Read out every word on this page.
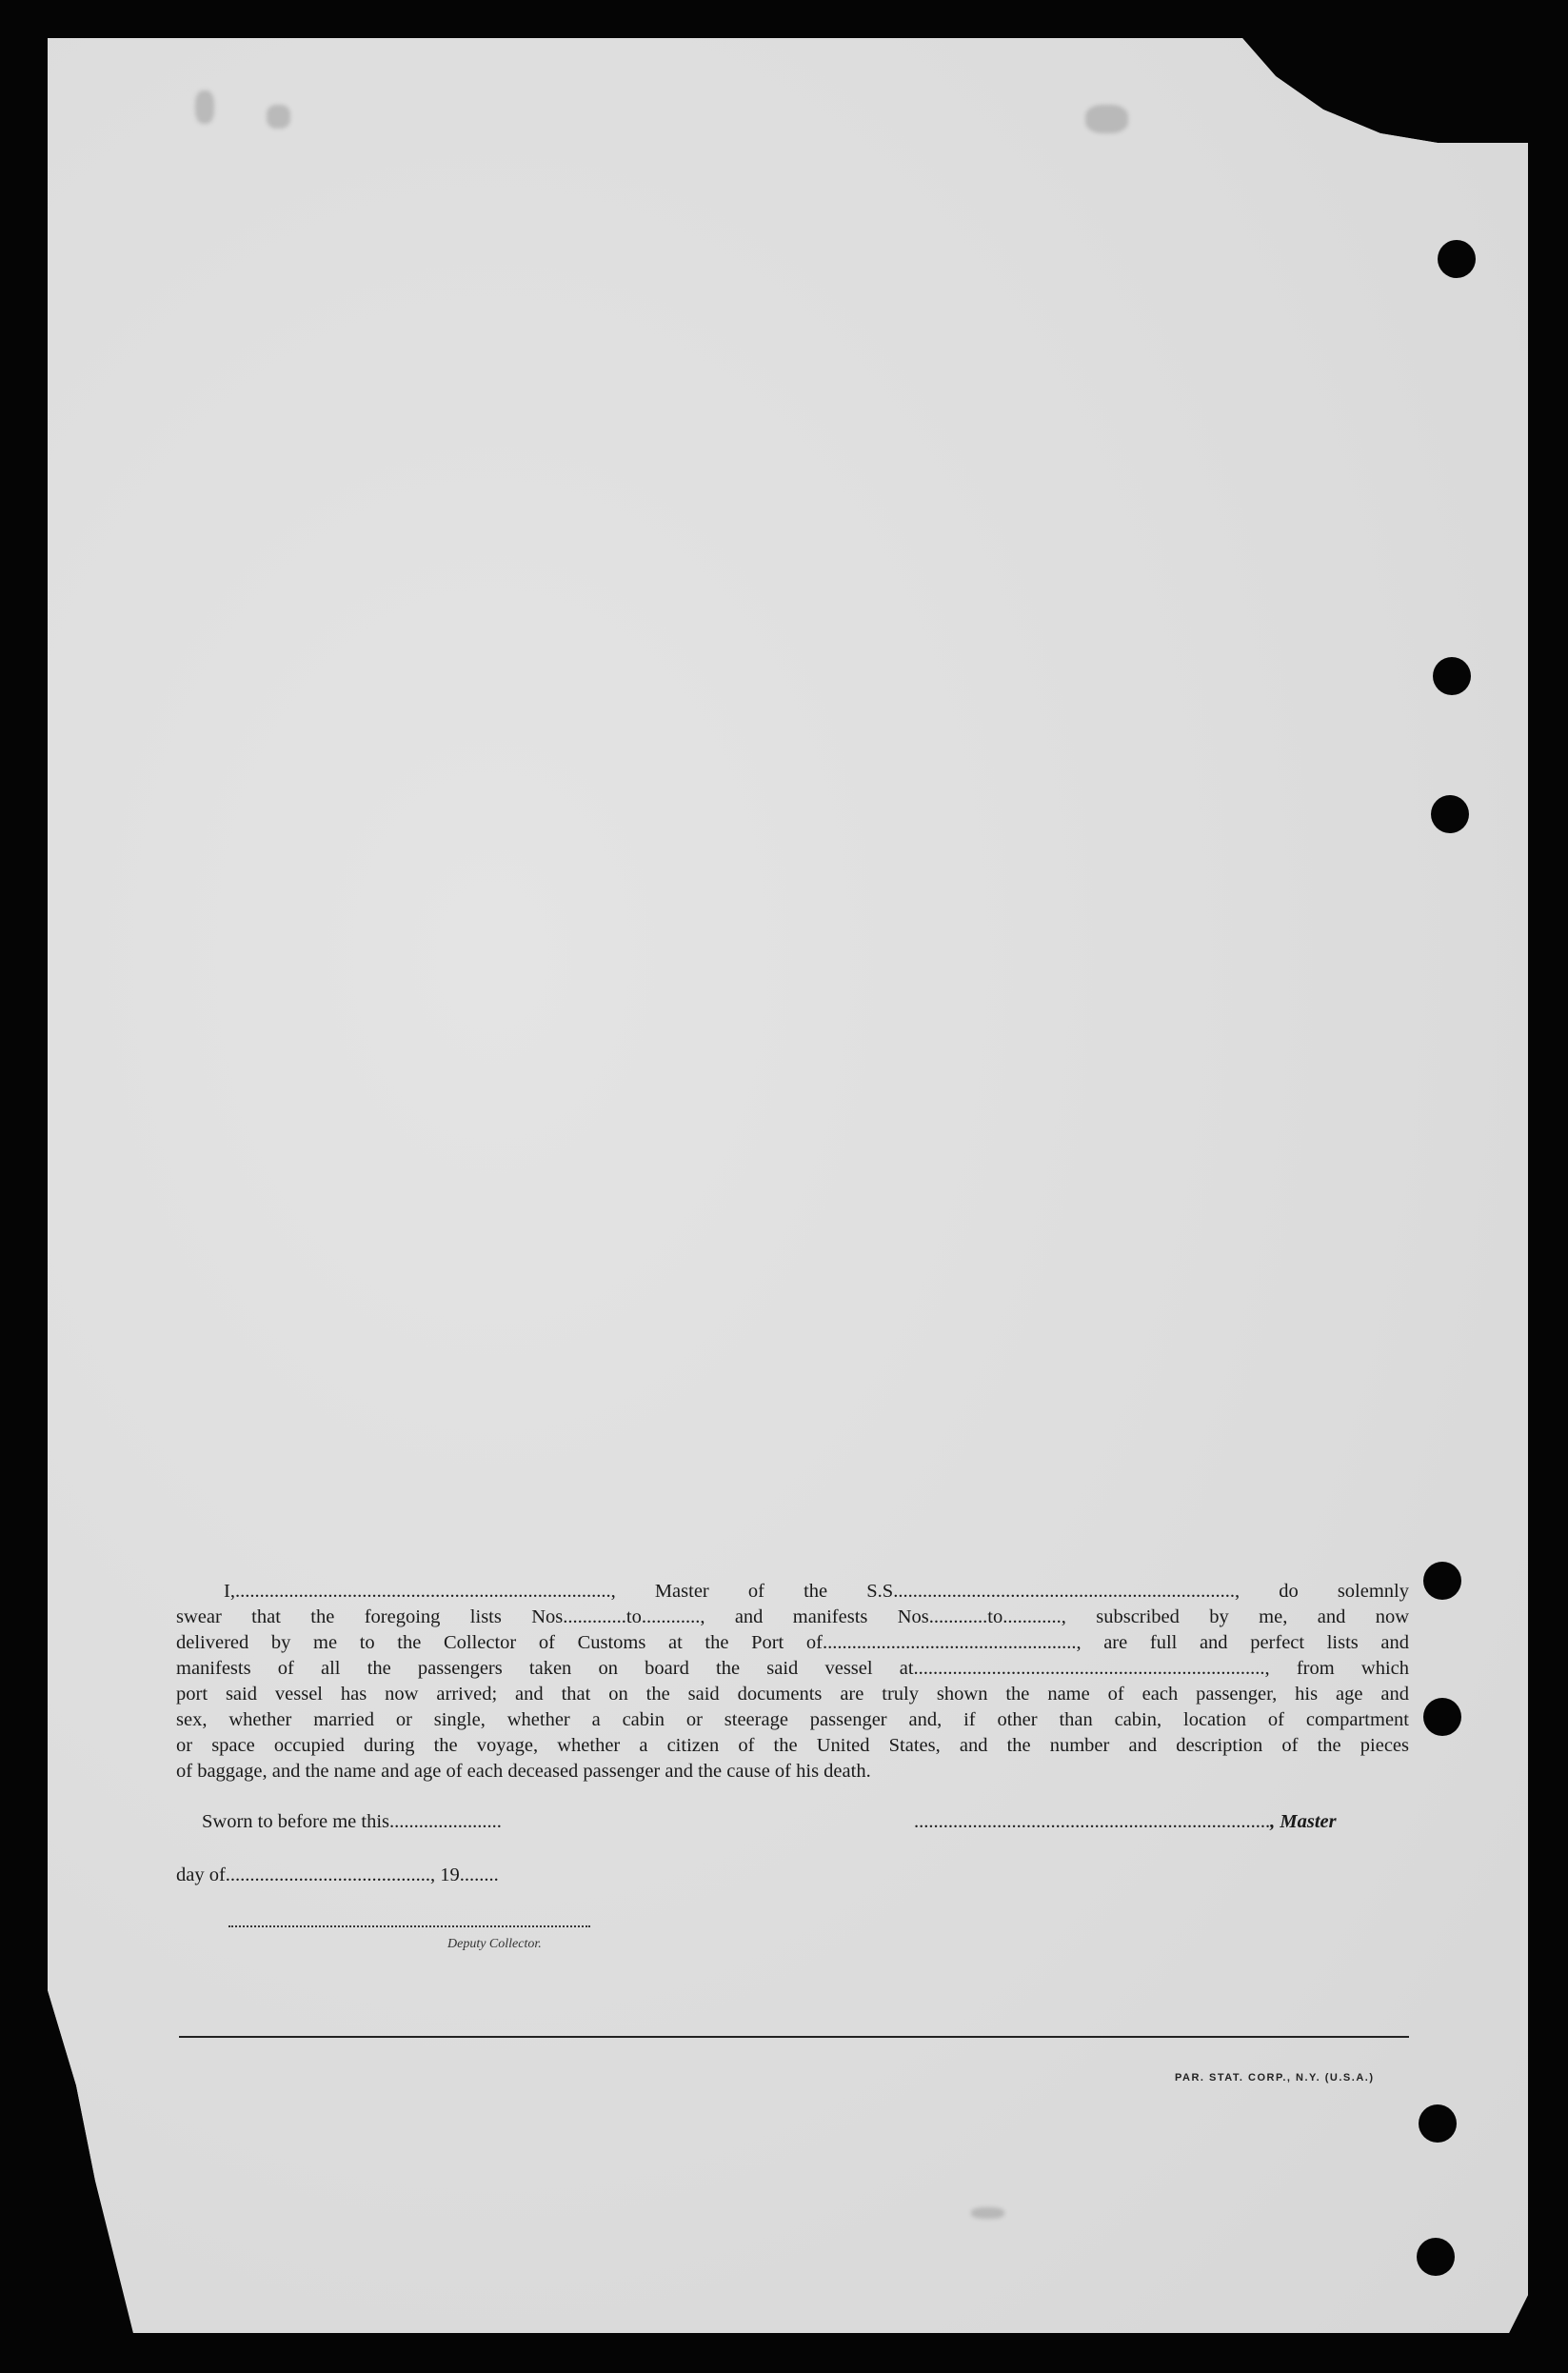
I,............................................................................., Master of the S.S......................................................................, do solemnly
swear that the foregoing lists Nos.............to............, and manifests Nos............to............, subscribed by me, and now
delivered by me to the Collector of Customs at the Port of...................................................., are full and perfect lists and
manifests of all the passengers taken on board the said vessel at........................................................................, from which
port said vessel has now arrived; and that on the said documents are truly shown the name of each passenger, his age and
sex, whether married or single, whether a cabin or steerage passenger and, if other than cabin, location of compartment
or space occupied during the voyage, whether a citizen of the United States, and the number and description of the pieces
of baggage, and the name and age of each deceased passenger and the cause of his death.
Sworn to before me this.......................	........................................................................., Master
day of.........................................., 19........
Deputy Collector.
PAR. STAT. CORP., N.Y. (U.S.A.)
